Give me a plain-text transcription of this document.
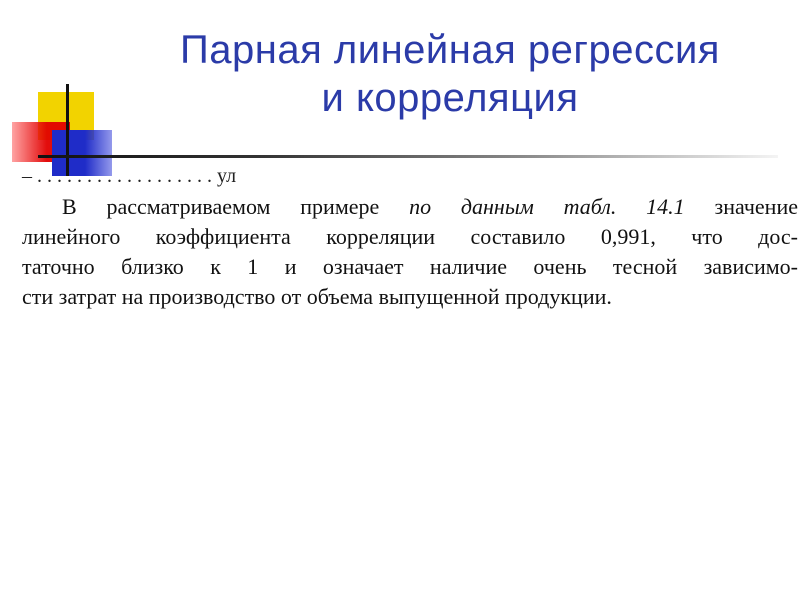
Парная линейная регрессия
и корреляция
– . . . . . . . . . . . . . . . . . . ул
В рассматриваемом примере по данным табл. 14.1 значение
линейного коэффициента корреляции составило 0,991, что дос-
таточно близко к 1 и означает наличие очень тесной зависимо-
сти затрат на производство от объема выпущенной продукции.
